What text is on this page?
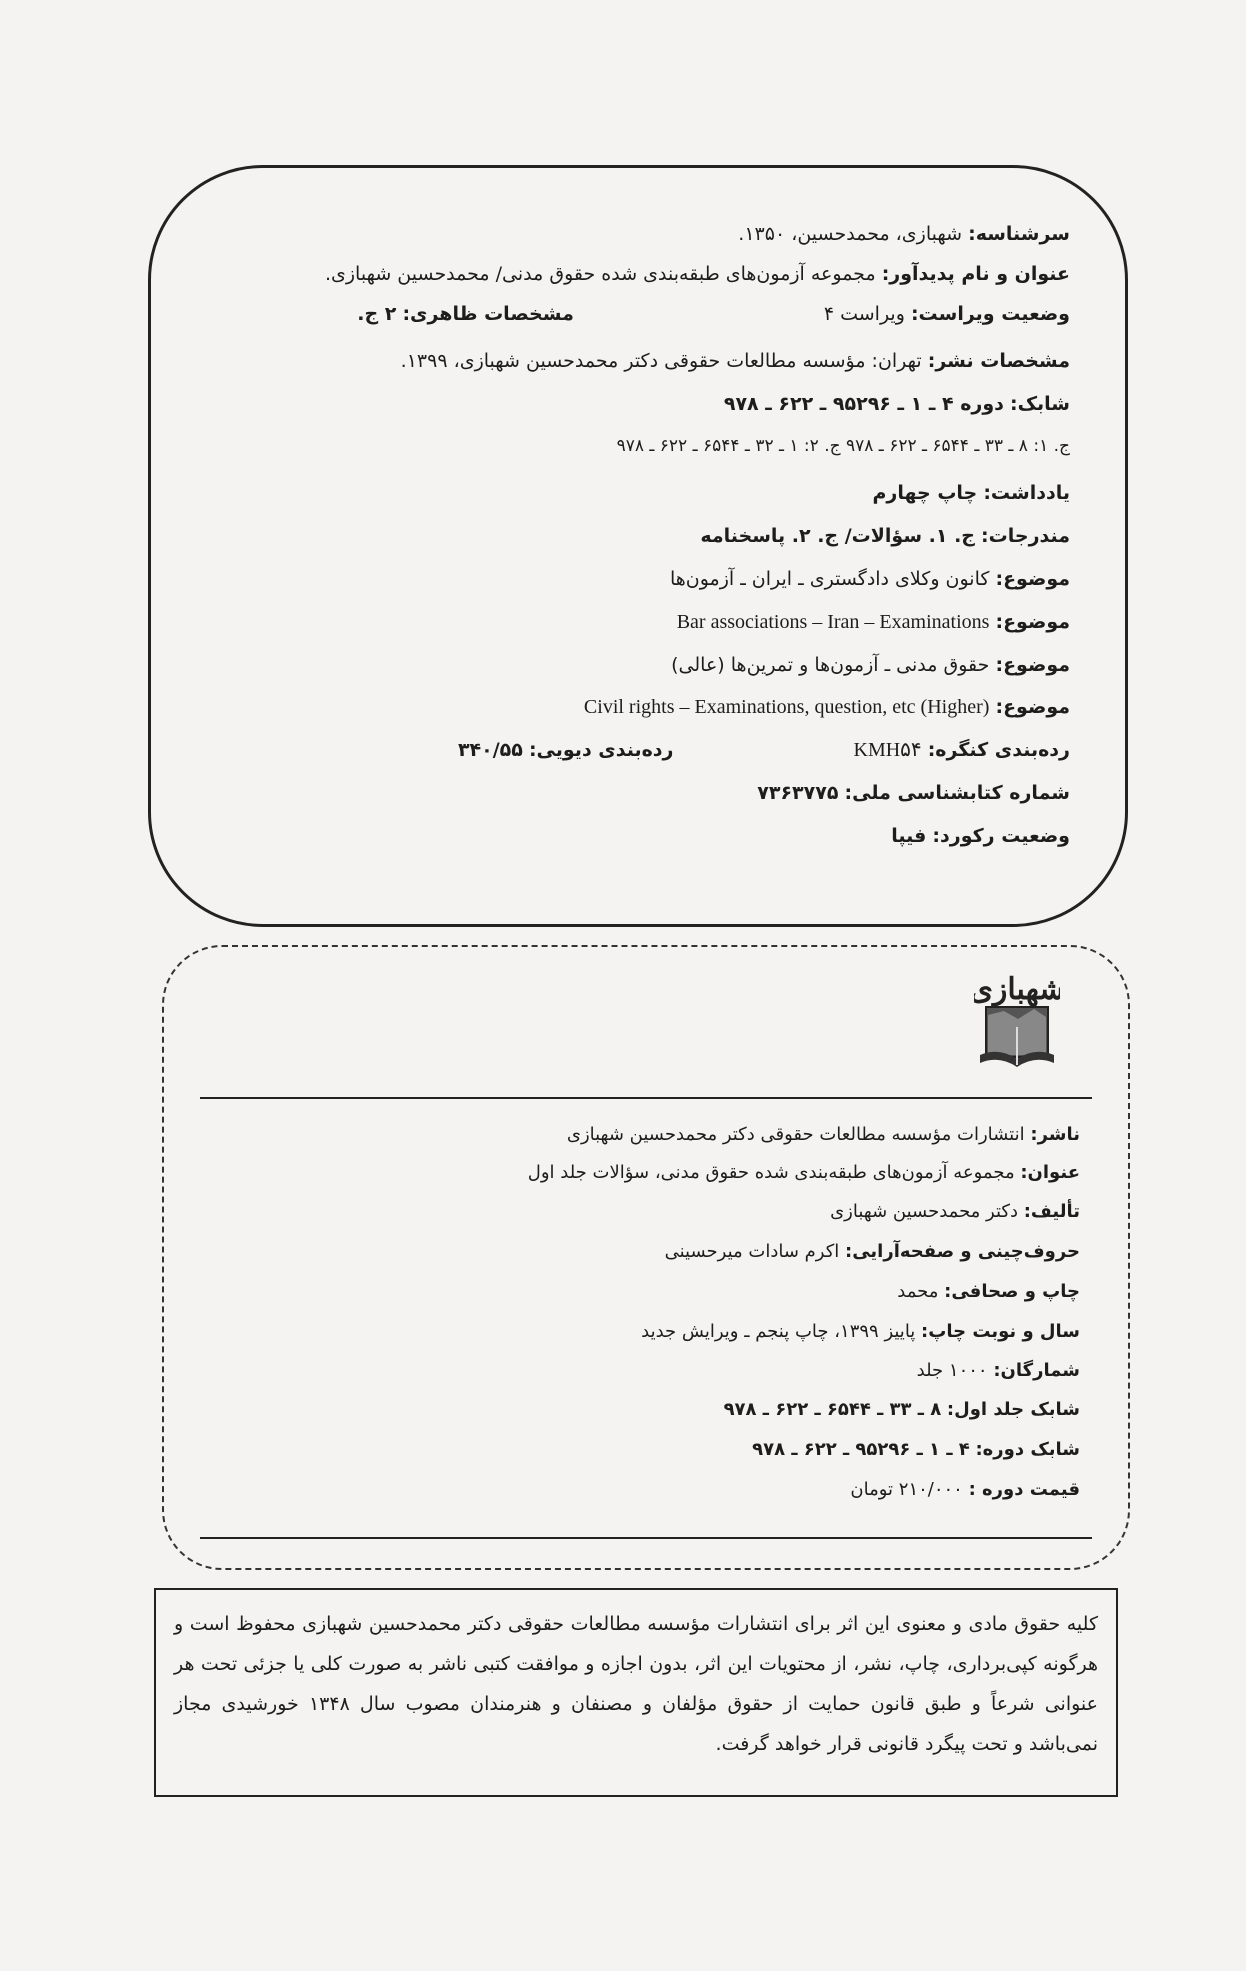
سرشناسه: شهبازی، محمدحسین، ۱۳۵۰.
عنوان و نام پدیدآور: مجموعه آزمون‌های طبقه‌بندی شده حقوق مدنی/ محمدحسین شهبازی.
وضعیت ویراست: ویراست ۴
مشخصات ظاهری: ۲ ج.
مشخصات نشر: تهران: مؤسسه مطالعات حقوقی دکتر محمدحسین شهبازی، ۱۳۹۹.
شابک: دوره ۴ ـ ۱ ـ ۹۵۲۹۶ ـ ۶۲۲ ـ ۹۷۸
ج. ۱: ۸ ـ ۳۳ ـ ۶۵۴۴ ـ ۶۲۲ ـ ۹۷۸ ج. ۲: ۱ ـ ۳۲ ـ ۶۵۴۴ ـ ۶۲۲ ـ ۹۷۸
یادداشت: چاپ چهارم
مندرجات: ج. ۱. سؤالات/ ج. ۲. پاسخنامه
موضوع: کانون وکلای دادگستری ـ ایران ـ آزمون‌ها
موضوع: Bar associations – Iran – Examinations
موضوع: حقوق مدنی ـ آزمون‌ها و تمرین‌ها (عالی)
موضوع: Civil rights – Examinations, question, etc (Higher)
رده‌بندی کنگره: KMH۵۴
رده‌بندی دیویی: ۳۴۰/۵۵
شماره کتابشناسی ملی: ۷۳۶۳۷۷۵
وضعیت رکورد: فیپا
شهبازی
ناشر: انتشارات مؤسسه مطالعات حقوقی دکتر محمدحسین شهبازی
عنوان: مجموعه آزمون‌های طبقه‌بندی شده حقوق مدنی، سؤالات جلد اول
تألیف: دکتر محمدحسین شهبازی
حروف‌چینی و صفحه‌آرایی: اکرم سادات میرحسینی
چاپ و صحافی: محمد
سال و نوبت چاپ: پاییز ۱۳۹۹، چاپ پنجم ـ ویرایش جدید
شمارگان: ۱۰۰۰ جلد
شابک جلد اول: ۸ ـ ۳۳ ـ ۶۵۴۴ ـ ۶۲۲ ـ ۹۷۸
شابک دوره: ۴ ـ ۱ ـ ۹۵۲۹۶ ـ ۶۲۲ ـ ۹۷۸
قیمت دوره : ۲۱۰/۰۰۰ تومان

کلیه حقوق مادی و معنوی این اثر برای انتشارات مؤسسه مطالعات حقوقی دکتر محمدحسین شهبازی محفوظ است و هرگونه کپی‌برداری، چاپ، نشر، از محتویات این اثر، بدون اجازه و موافقت کتبی ناشر به صورت کلی یا جزئی تحت هر عنوانی شرعاً و طبق قانون حمایت از حقوق مؤلفان و مصنفان و هنرمندان مصوب سال ۱۳۴۸ خورشیدی مجاز نمی‌باشد و تحت پیگرد قانونی قرار خواهد گرفت.
